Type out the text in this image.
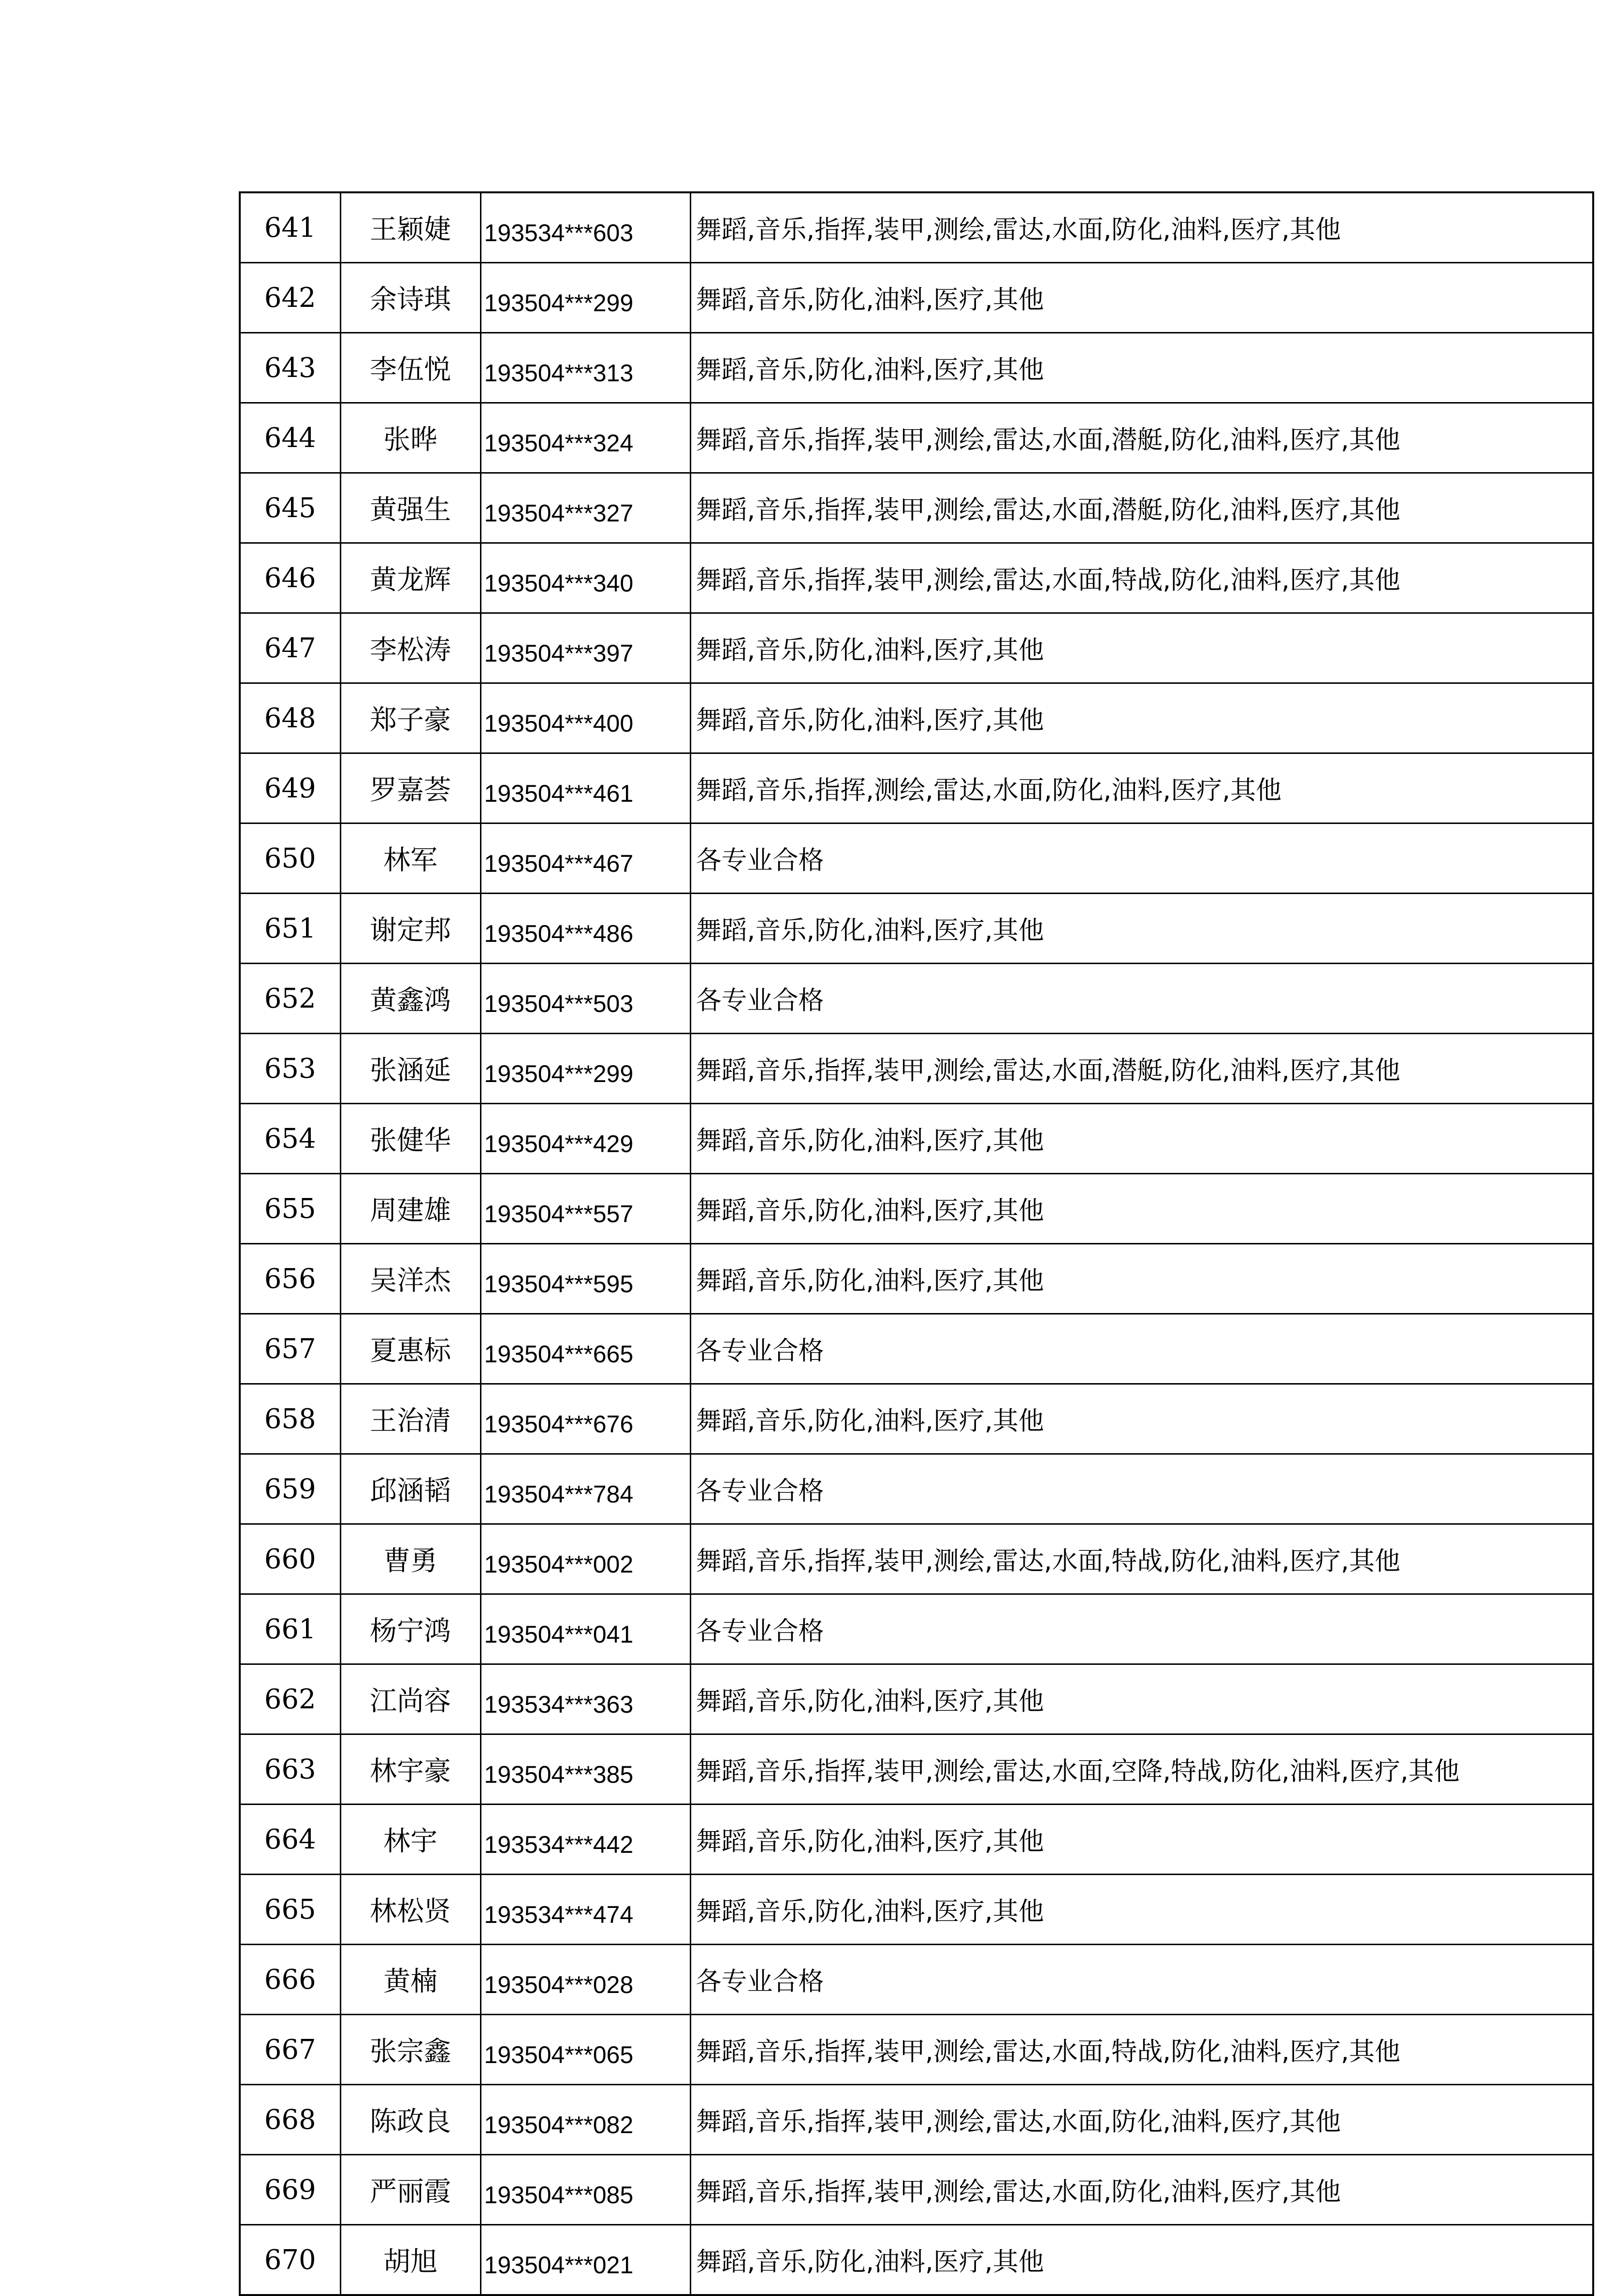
641	王颖婕	193534***603	舞蹈,音乐,指挥,装甲,测绘,雷达,水面,防化,油料,医疗,其他
642	余诗琪	193504***299	舞蹈,音乐,防化,油料,医疗,其他
643	李伍悦	193504***313	舞蹈,音乐,防化,油料,医疗,其他
644	张晔	193504***324	舞蹈,音乐,指挥,装甲,测绘,雷达,水面,潜艇,防化,油料,医疗,其他
645	黄强生	193504***327	舞蹈,音乐,指挥,装甲,测绘,雷达,水面,潜艇,防化,油料,医疗,其他
646	黄龙辉	193504***340	舞蹈,音乐,指挥,装甲,测绘,雷达,水面,特战,防化,油料,医疗,其他
647	李松涛	193504***397	舞蹈,音乐,防化,油料,医疗,其他
648	郑子豪	193504***400	舞蹈,音乐,防化,油料,医疗,其他
649	罗嘉荟	193504***461	舞蹈,音乐,指挥,测绘,雷达,水面,防化,油料,医疗,其他
650	林军	193504***467	各专业合格
651	谢定邦	193504***486	舞蹈,音乐,防化,油料,医疗,其他
652	黄鑫鸿	193504***503	各专业合格
653	张涵延	193504***299	舞蹈,音乐,指挥,装甲,测绘,雷达,水面,潜艇,防化,油料,医疗,其他
654	张健华	193504***429	舞蹈,音乐,防化,油料,医疗,其他
655	周建雄	193504***557	舞蹈,音乐,防化,油料,医疗,其他
656	吴洋杰	193504***595	舞蹈,音乐,防化,油料,医疗,其他
657	夏惠标	193504***665	各专业合格
658	王治清	193504***676	舞蹈,音乐,防化,油料,医疗,其他
659	邱涵韬	193504***784	各专业合格
660	曹勇	193504***002	舞蹈,音乐,指挥,装甲,测绘,雷达,水面,特战,防化,油料,医疗,其他
661	杨宁鸿	193504***041	各专业合格
662	江尚容	193534***363	舞蹈,音乐,防化,油料,医疗,其他
663	林宇豪	193504***385	舞蹈,音乐,指挥,装甲,测绘,雷达,水面,空降,特战,防化,油料,医疗,其他
664	林宇	193534***442	舞蹈,音乐,防化,油料,医疗,其他
665	林松贤	193534***474	舞蹈,音乐,防化,油料,医疗,其他
666	黄楠	193504***028	各专业合格
667	张宗鑫	193504***065	舞蹈,音乐,指挥,装甲,测绘,雷达,水面,特战,防化,油料,医疗,其他
668	陈政良	193504***082	舞蹈,音乐,指挥,装甲,测绘,雷达,水面,防化,油料,医疗,其他
669	严丽霞	193504***085	舞蹈,音乐,指挥,装甲,测绘,雷达,水面,防化,油料,医疗,其他
670	胡旭	193504***021	舞蹈,音乐,防化,油料,医疗,其他
